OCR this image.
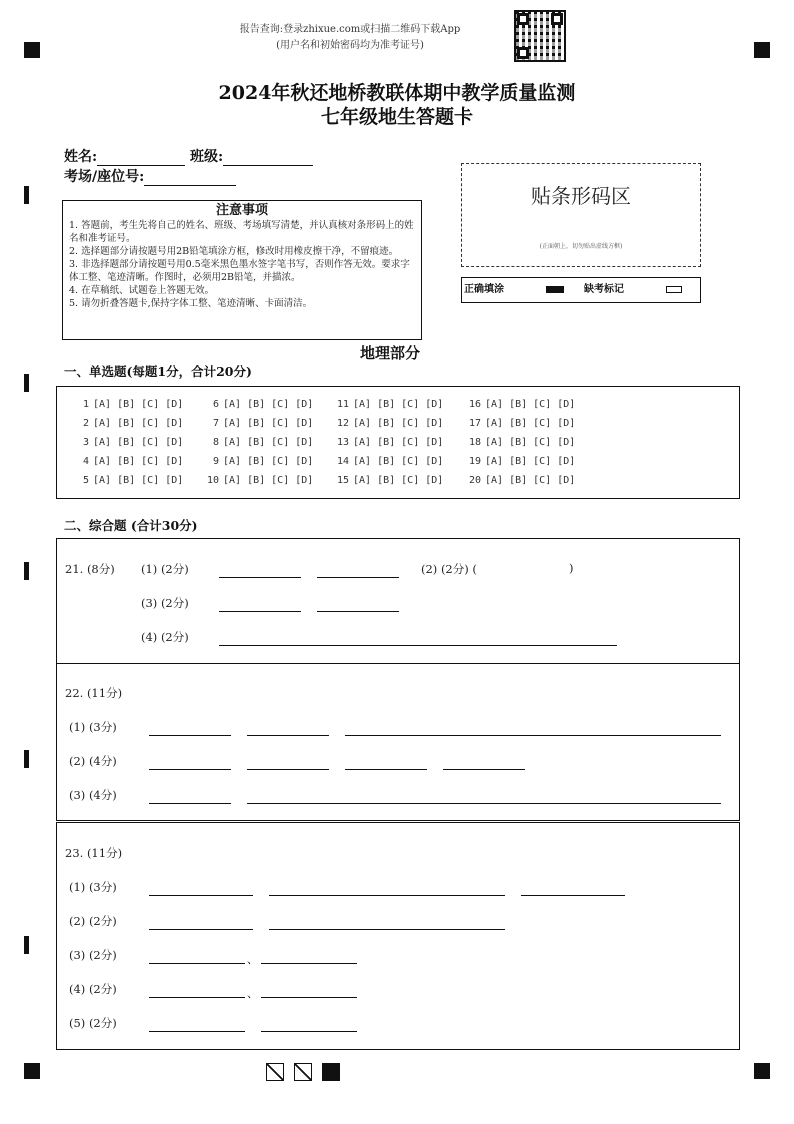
报告查询:登录zhixue.com或扫描二维码下载App
(用户名和初始密码均为准考证号)
2024年秋还地桥教联体期中教学质量监测
七年级地生答题卡
姓名:	班级:
考场/座位号:
注意事项

1. 答题前，考生先将自己的姓名、班级、考场填写清楚，并认真核对条形码上的姓名和准考证号。

2. 选择题部分请按题号用2B铅笔填涂方框，修改时用橡皮擦干净，不留痕迹。

3. 非选择题部分请按题号用0.5毫米黑色墨水签字笔书写，否则作答无效。要求字体工整、笔迹清晰。作图时，必须用2B铅笔，并描浓。

4. 在草稿纸、试题卷上答题无效。

5. 请勿折叠答题卡,保持字体工整、笔迹清晰、卡面清洁。

贴条形码区
(正面朝上，切勿贴出虚线方框)
正确填涂	缺考标记
地理部分
一、单选题(每题1分，合计20分)
1 [A] [B] [C] [D]
2 [A] [B] [C] [D]
3 [A] [B] [C] [D]
4 [A] [B] [C] [D]
5 [A] [B] [C] [D]
6 [A] [B] [C] [D]
7 [A] [B] [C] [D]
8 [A] [B] [C] [D]
9 [A] [B] [C] [D]
10 [A] [B] [C] [D]
11 [A] [B] [C] [D]
12 [A] [B] [C] [D]
13 [A] [B] [C] [D]
14 [A] [B] [C] [D]
15 [A] [B] [C] [D]
16 [A] [B] [C] [D]
17 [A] [B] [C] [D]
18 [A] [B] [C] [D]
19 [A] [B] [C] [D]
20 [A] [B] [C] [D]
二、综合题 (合计30分)
21. (8分) (1) (2分)	(2) (2分) (	)
(3) (2分)
(4) (2分)
22. (11分)
(1) (3分)
(2) (4分)
(3) (4分)
23. (11分)
(1) (3分)
(2) (2分)
(3) (2分)	、
(4) (2分)	、
(5) (2分)
